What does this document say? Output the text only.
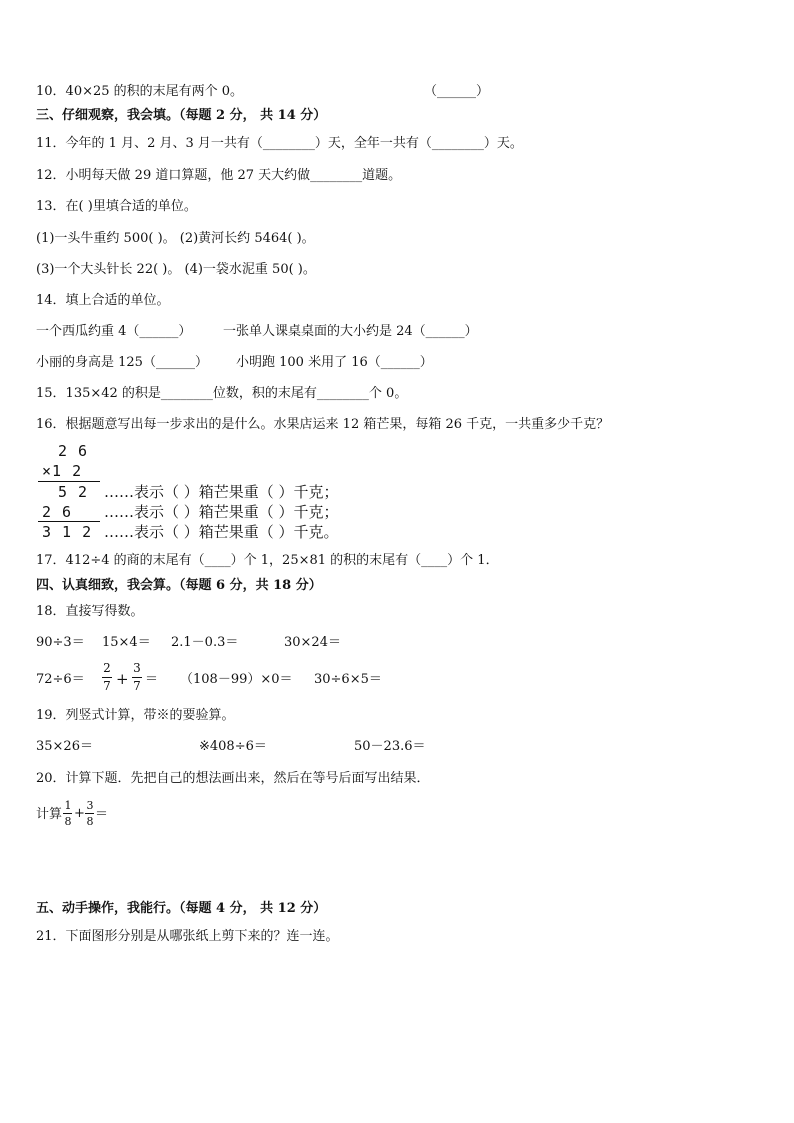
10．40×25 的积的末尾有两个 0。	（______）
三、仔细观察，我会填。（每题 2 分， 共 14 分）
11．今年的 1 月、2 月、3 月一共有（________）天，全年一共有（________）天。
12．小明每天做 29 道口算题，他 27 天大约做________道题。
13．在( )里填合适的单位。
(1)一头牛重约 500( )。 (2)黄河长约 5464( )。
(3)一个大头针长 22( )。 (4)一袋水泥重 50( )。
14．填上合适的单位。
一个西瓜约重 4（______） 一张单人课桌桌面的大小约是 24（______）
小丽的身高是 125（______） 小明跑 100 米用了 16（______）
15．135×42 的积是________位数，积的末尾有________个 0。
16．根据题意写出每一步求出的是什么。水果店运来 12 箱芒果，每箱 26 千克，一共重多少千克？
2 6
×1 2
5 2
2 6
3 1 2
……表示（ ）箱芒果重（ ）千克；
……表示（ ）箱芒果重（ ）千克；
……表示（ ）箱芒果重（ ）千克。
17．412÷4 的商的末尾有（____）个 1，25×81 的积的末尾有（____）个 1．
四、认真细致，我会算。（每题 6 分，共 18 分）
18．直接写得数。
90÷3＝ 15×4＝ 2.1－0.3＝	30×24＝
72÷6＝
2
7 +
3
7 ＝ （108－99）×0＝ 30÷6×5＝
19．列竖式计算，带※的要验算。
35×26＝	※408÷6＝	50－23.6＝
20．计算下题．先把自己的想法画出来，然后在等号后面写出结果．
计算
1
8
+
3
8 ＝
五、动手操作，我能行。（每题 4 分， 共 12 分）
21．下面图形分别是从哪张纸上剪下来的？连一连。
